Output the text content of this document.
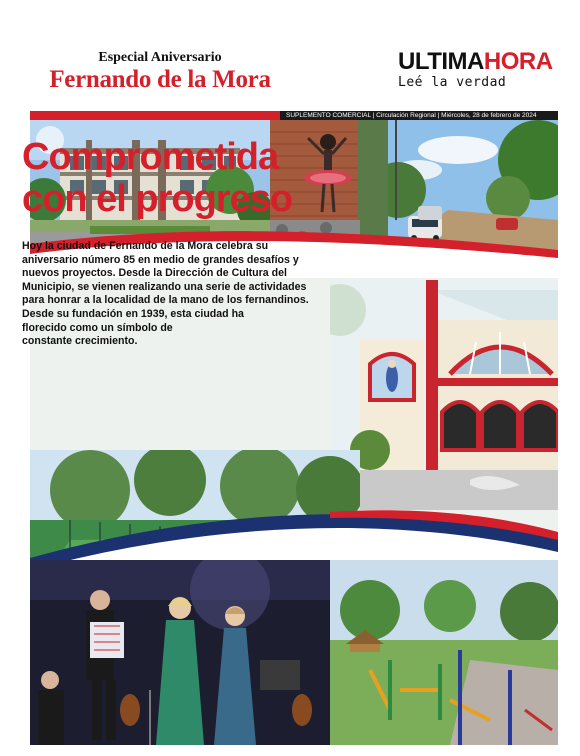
Especial Aniversario
Fernando de la Mora
ULTIMAHORA
Leé la verdad
SUPLEMENTO COMERCIAL | Circulación Regional | Miércoles, 28 de febrero de 2024
Comprometida
con el progreso
Hoy la ciudad de Fernando de la Mora celebra su
aniversario número 85 en medio de grandes desafíos y
nuevos proyectos. Desde la Dirección de Cultura del
Municipio, se vienen realizando una serie de actividades
para honrar a la localidad de la mano de los fernandinos.
Desde su fundación en 1939, esta ciudad ha
florecido como un símbolo de
constante crecimiento.
